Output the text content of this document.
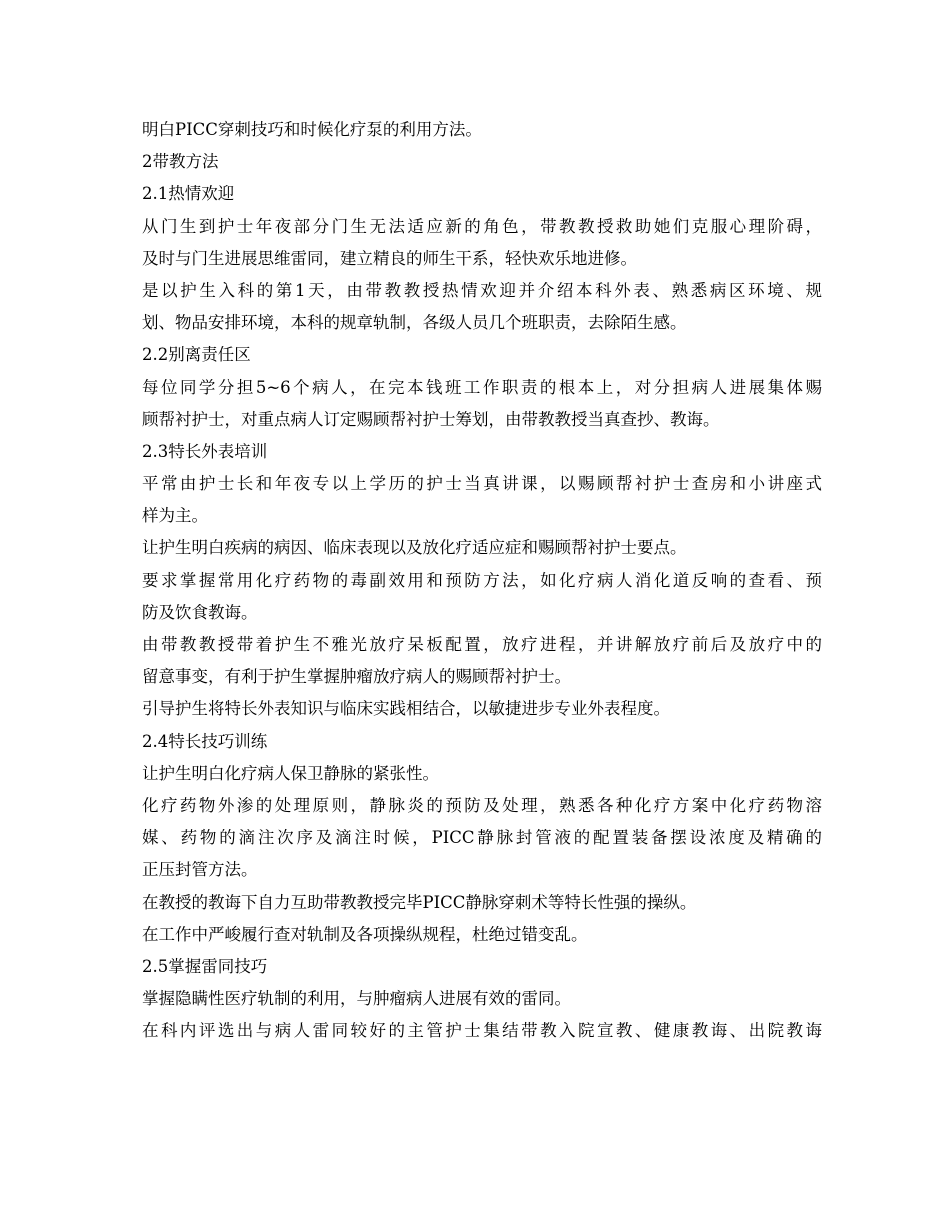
明白PICC穿刺技巧和时候化疗泵的利用方法。
2带教方法
2.1热情欢迎
从门生到护士年夜部分门生无法适应新的角色，带教教授救助她们克服心理阶碍，
及时与门生进展思维雷同，建立精良的师生干系，轻快欢乐地进修。
是以护生入科的第1天，由带教教授热情欢迎并介绍本科外表、熟悉病区环境、规
划、物品安排环境，本科的规章轨制，各级人员几个班职责，去除陌生感。
2.2别离责任区
每位同学分担5~6个病人，在完本钱班工作职责的根本上，对分担病人进展集体赐
顾帮衬护士，对重点病人订定赐顾帮衬护士筹划，由带教教授当真查抄、教诲。
2.3特长外表培训
平常由护士长和年夜专以上学历的护士当真讲课，以赐顾帮衬护士查房和小讲座式
样为主。
让护生明白疾病的病因、临床表现以及放化疗适应症和赐顾帮衬护士要点。
要求掌握常用化疗药物的毒副效用和预防方法，如化疗病人消化道反响的查看、预
防及饮食教诲。
由带教教授带着护生不雅光放疗呆板配置，放疗进程，并讲解放疗前后及放疗中的
留意事变，有利于护生掌握肿瘤放疗病人的赐顾帮衬护士。
引导护生将特长外表知识与临床实践相结合，以敏捷进步专业外表程度。
2.4特长技巧训练
让护生明白化疗病人保卫静脉的紧张性。
化疗药物外渗的处理原则，静脉炎的预防及处理，熟悉各种化疗方案中化疗药物溶
媒、药物的滴注次序及滴注时候，PICC静脉封管液的配置装备摆设浓度及精确的
正压封管方法。
在教授的教诲下自力互助带教教授完毕PICC静脉穿刺术等特长性强的操纵。
在工作中严峻履行查对轨制及各项操纵规程，杜绝过错变乱。
2.5掌握雷同技巧
掌握隐瞒性医疗轨制的利用，与肿瘤病人进展有效的雷同。
在科内评选出与病人雷同较好的主管护士集结带教入院宣教、健康教诲、出院教诲
